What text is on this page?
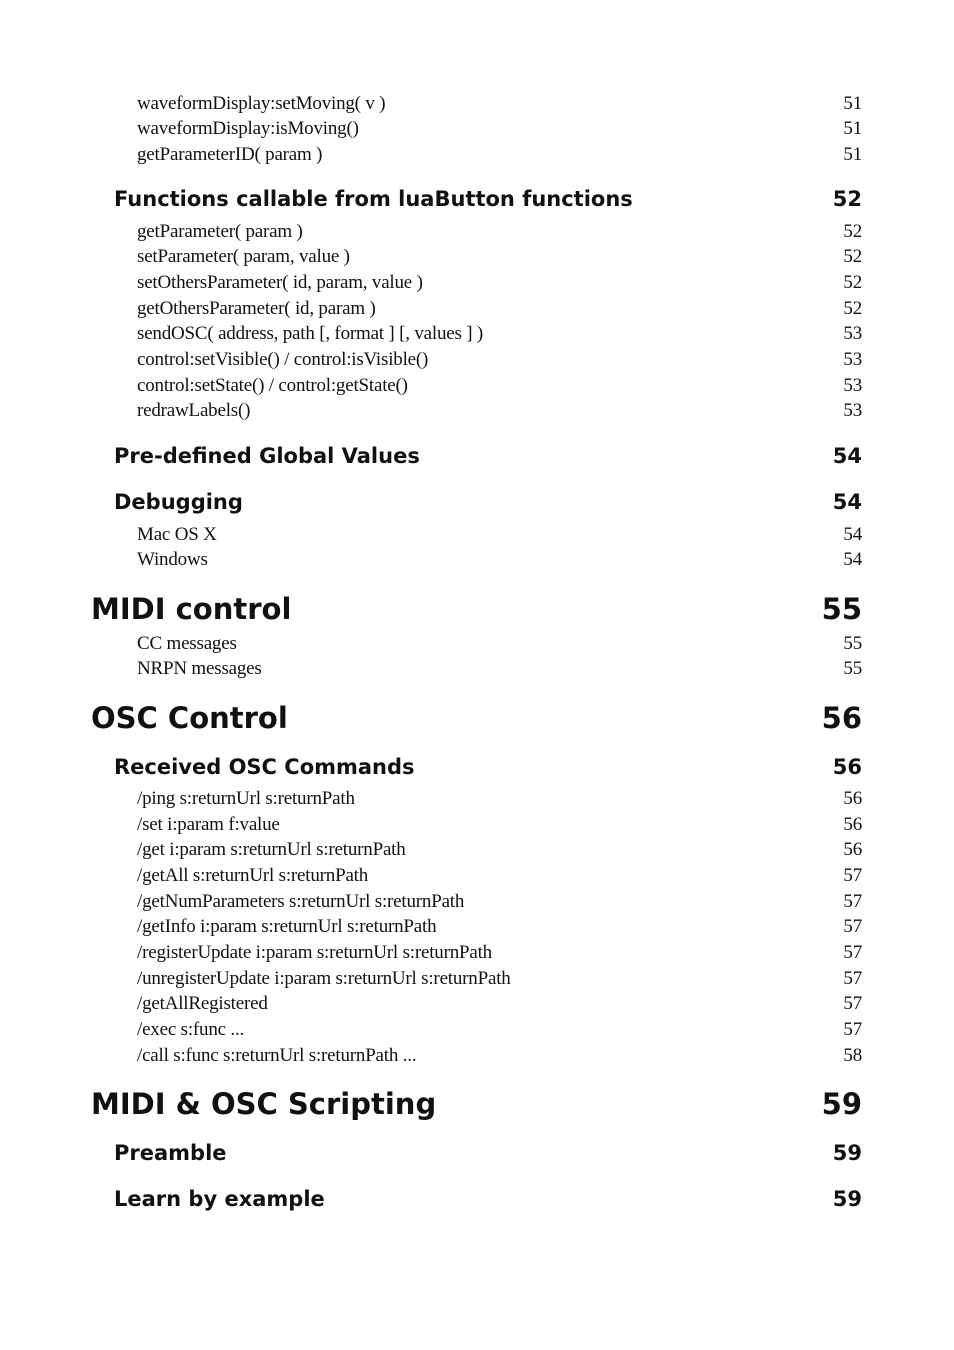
waveformDisplay:setMoving( v )	51
waveformDisplay:isMoving()	51
getParameterID( param )	51
Functions callable from luaButton functions	52
getParameter( param )	52
setParameter( param, value )	52
setOthersParameter( id, param, value )	52
getOthersParameter( id, param )	52
sendOSC( address, path [, format ] [, values ] )	53
control:setVisible() / control:isVisible()	53
control:setState() / control:getState()	53
redrawLabels()	53
Pre-defined Global Values	54
Debugging	54
Mac OS X	54
Windows	54
MIDI control	55
CC messages	55
NRPN messages	55
OSC Control	56
Received OSC Commands	56
/ping s:returnUrl s:returnPath	56
/set i:param f:value	56
/get i:param s:returnUrl s:returnPath	56
/getAll s:returnUrl s:returnPath	57
/getNumParameters s:returnUrl s:returnPath	57
/getInfo i:param s:returnUrl s:returnPath	57
/registerUpdate i:param s:returnUrl s:returnPath	57
/unregisterUpdate i:param s:returnUrl s:returnPath	57
/getAllRegistered	57
/exec s:func ...	57
/call s:func s:returnUrl s:returnPath ...	58
MIDI & OSC Scripting	59
Preamble	59
Learn by example	59
